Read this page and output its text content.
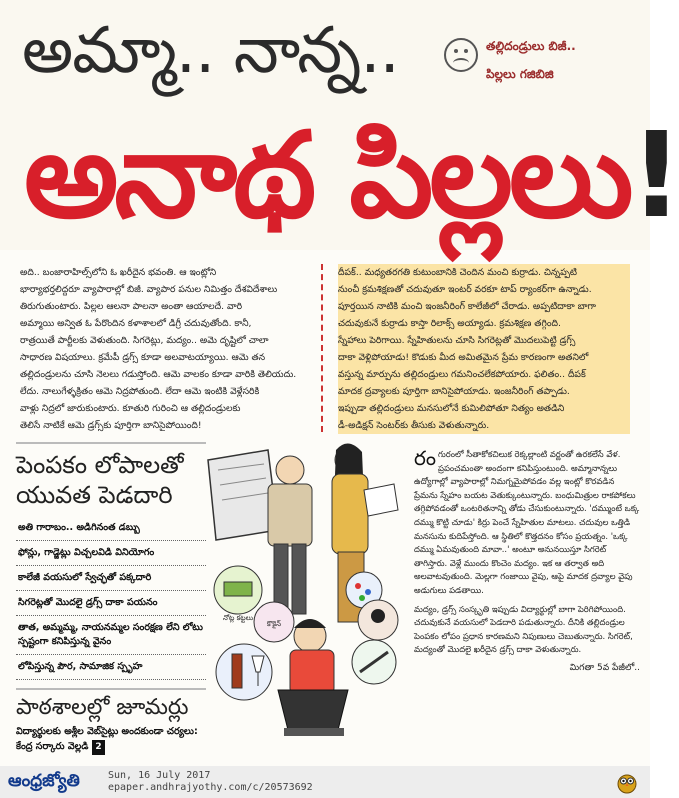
అమ్మా.. నాన్న..	తల్లిదండ్రులు బిజీ..
పిల్లలు గజిబిజి
అనాథ పిల్లలు!
అది.. బంజారాహిల్స్‌లోని ఓ ఖరీదైన భవంతి. ఆ ఇంట్లోని
భార్యాభర్తలిద్దరూ వ్యాపారాల్లో బిజీ. వ్యాపార పనుల నిమిత్తం దేశవిదేశాలు
తిరుగుతుంటారు. పిల్లల ఆలనా పాలనా అంతా ఆయాలదే. వారి
అమ్మాయి అన్విత ఓ పేరొందిన కళాశాలలో డిగ్రీ చదువుతోంది. కానీ,
రాత్రయితే పార్టీలకు వెళుతుంది. సిగరెట్లు, మద్యం.. అమె దృష్టిలో చాలా
సాధారణ విషయాలు. క్రమేపీ డ్రగ్స్ కూడా అలవాటయ్యాయి. ఆమె తన
తల్లిదండ్రులను చూసి నెలలు గడుస్తోంది. ఆమె వాలకం కూడా వారికి తెలియదు.
లేదు. నాలుగేళ్ళక్రితం ఆమె నిద్రపోతుంది. లేదా ఆమె ఇంటికి వెళ్లేసరికి
వాళ్లు నిద్రలో జారుకుంటారు. కూతురి గురించి ఆ తల్లిదండ్రులకు
తెలిసే నాటికే ఆమె డ్రగ్స్‌కు పూర్తిగా బానిసైపోయింది!
దీపక్.. మధ్యతరగతి కుటుంబానికి చెందిన మంచి కుర్రాడు. చిన్నప్పటి
నుంచీ క్రమశిక్షణతో చదువుతూ ఇంటర్ వరకూ టాప్ ర్యాంకర్‌గా ఉన్నాడు.
పూర్తయిన నాటికి మంచి ఇంజనీరింగ్ కాలేజీలో చేరాడు. అప్పటిదాకా బాగా
చదువుకునే కుర్రాడు కాస్తా రిలాక్స్ అయ్యాడు. క్రమశిక్షణ తగ్గింది.
స్నేహాలు పెరిగాయి. స్నేహితులను చూసి సిగరెట్లతో మొదలుపెట్టి డ్రగ్స్
దాకా వెళ్లిపోయాడు! కొడుకు మీద అమితమైన ప్రేమ కారణంగా అతనిలో
వస్తున్న మార్పును తల్లిదండ్రులు గమనించలేకపోయారు. ఫలితం.. దీపక్
మాదక ద్రవ్యాలకు పూర్తిగా బానిసైపోయాడు. ఇంజనీరింగ్ తప్పాడు.
ఇప్పుడా తల్లిదండ్రులు మనసులోనే కుమిలిపోతూ నిత్యం అతడిని
డీ-అడిక్షన్ సెంటర్‌కు తీసుకు వెళుతున్నారు.
పెంపకం లోపాలతో యువత పెడదారి
అతి గారాబం.. అడిగినంత డబ్బు
ఫోన్లు, గాడ్జెట్లు విచ్చలవిడి వినియోగం
కాలేజీ వయసులో స్వేచ్ఛతో పక్కదారి
సిగరెట్లతో మొదలై డ్రగ్స్ దాకా పయనం
తాత, అమ్మమ్మ, నాయనమ్మల సంరక్షణ లేని లోటు స్పష్టంగా కనిపిస్తున్న వైనం
లోపిస్తున్న పౌర, సామాజిక స్పృహ
పాఠశాలల్లో జూమర్లు
విద్యార్థులకు అశ్లీల వెబ్‌సైట్లు అందకుండా చర్యలు: కేంద్ర సర్కారు వెల్లడి 2
నోట్ల కట్టలు
కొకైన్
రంగురంలో సీతాకోకచిలుక రెక్కల్లాంటి వర్ణంతో ఉరకలేసే వేళ. ప్రపంచమంతా అందంగా కనిపిస్తుంటుంది. అమ్మానాన్నలు ఉద్యోగాల్లో వ్యాపారాల్లో నిమగ్నమైపోవడం వల్ల ఇంట్లో కొరవడిన ప్రేమను స్నేహం బయట వెతుక్కుంటున్నారు. బంధుమిత్రుల రాకపోకలు తగ్గిపోవడంతో ఒంటరితనాన్ని తోడు చేసుకుంటున్నారు. 'దమ్ముంటే ఒక్క దమ్ము కొట్టి చూడు' కిర్రు పెంచే స్నేహితుల మాటలు. చదువుల ఒత్తిడి మనసును కుదిపేస్తోంది. ఆ స్థితిలో కొత్తదనం కోసం ప్రయత్నం. 'ఒక్క దమ్ము ఏమవుతుంది మావా..' అంటూ అనునయిస్తూ సిగరెట్ తాగిస్తారు. వెళ్లే ముందు కొంచెం మద్యం. ఇక ఆ తర్వాత అది అలవాటవుతుంది. మెల్లగా గంజాయి వైపు, ఆపై మాదక ద్రవ్యాల వైపు అడుగులు పడతాయి.
మద్యం, డ్రగ్స్ సంస్కృతి ఇప్పుడు విద్యార్థుల్లో బాగా పెరిగిపోయింది. చదువుకునే వయసులో పెడదారి పడుతున్నారు. దీనికి తల్లిదండ్రుల పెంపకం లోపం ప్రధాన కారణమని నిపుణులు చెబుతున్నారు. సిగరెట్, మద్యంతో మొదలై ఖరీదైన డ్రగ్స్ దాకా వెళుతున్నారు.
మిగతా 5వ పేజీలో..
ఆంధ్రజ్యోతి	Sun, 16 July 2017
epaper.andhrajyothy.com/c/20573692
